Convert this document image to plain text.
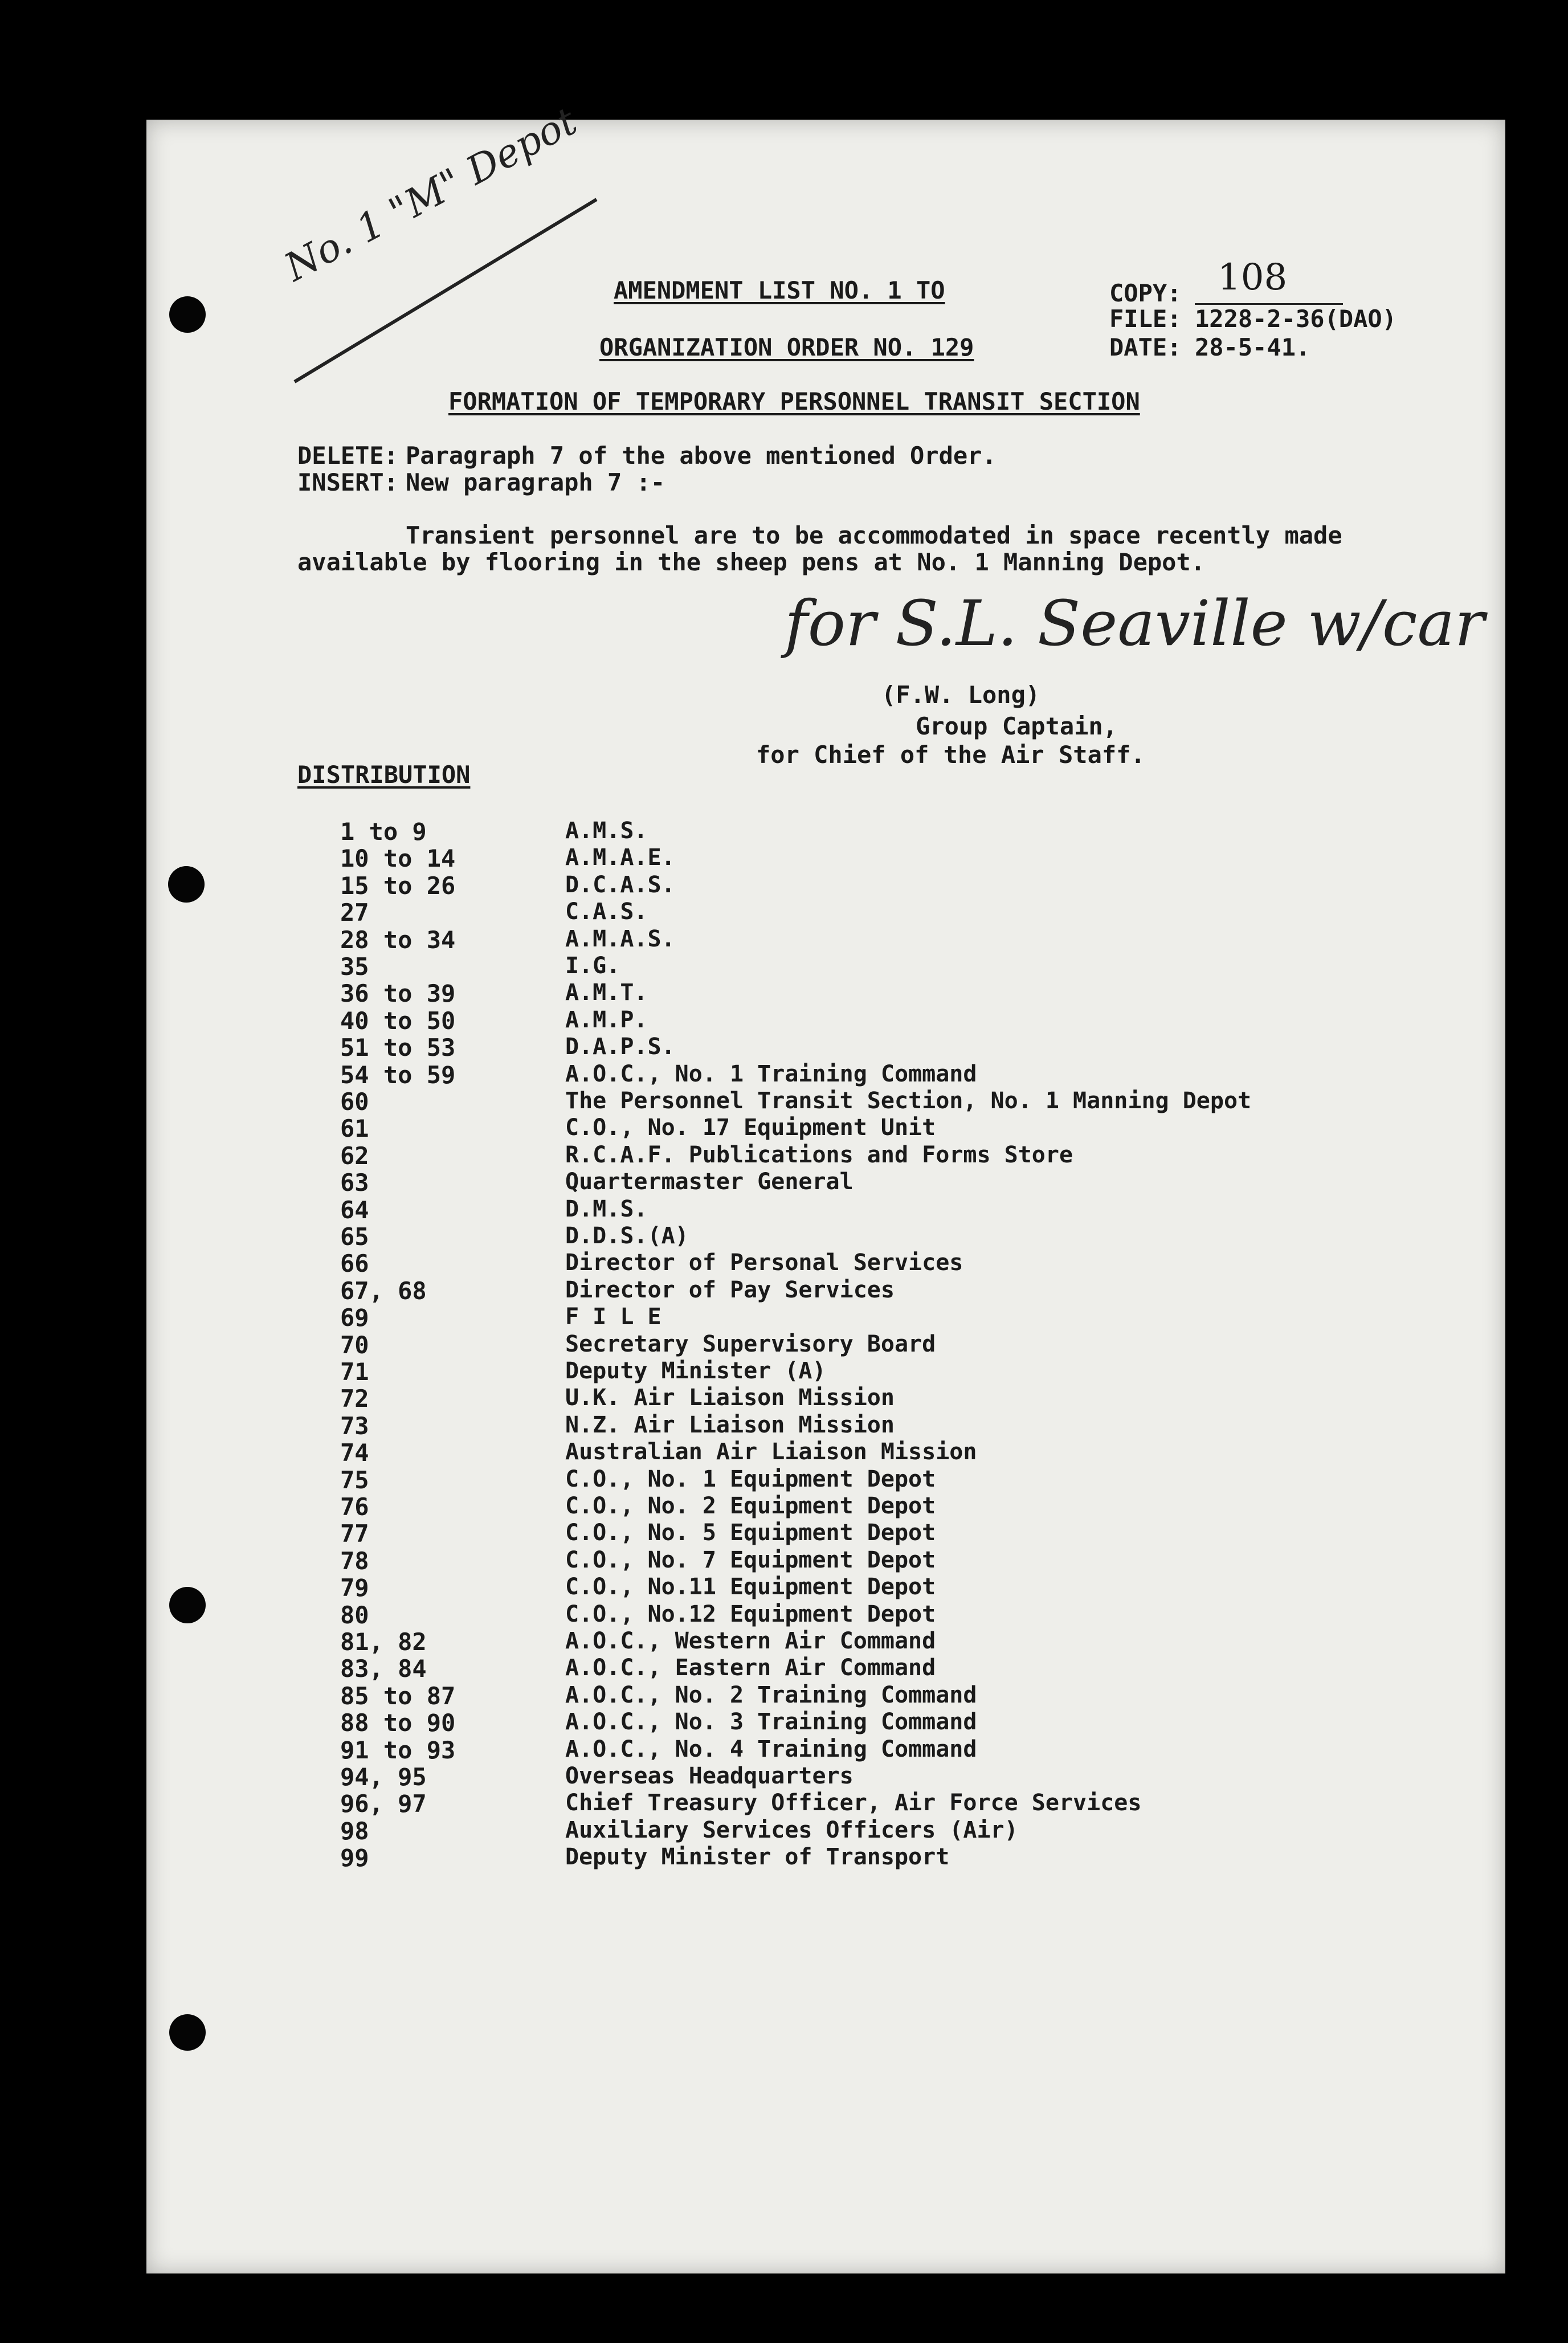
No. 1 "M" Depot AMENDMENT LIST NO. 1 TO
ORGANIZATION ORDER NO. 129
COPY: 108
FILE: 1228-2-36(DAO)
DATE: 28-5-41.
FORMATION OF TEMPORARY PERSONNEL TRANSIT SECTION
DELETE: Paragraph 7 of the above mentioned Order.
INSERT: New paragraph 7 :-
Transient personnel are to be accommodated in space recently made
available by flooring in the sheep pens at No. 1 Manning Depot.
for S.L. Seaville w/car
(F.W. Long)
Group Captain,
for Chief of the Air Staff.
DISTRIBUTION
1 to 9	A.M.S.
10 to 14	A.M.A.E.
15 to 26	D.C.A.S.
27	C.A.S.
28 to 34	A.M.A.S.
35	I.G.
36 to 39	A.M.T.
40 to 50	A.M.P.
51 to 53	D.A.P.S.
54 to 59	A.O.C., No. 1 Training Command
60	The Personnel Transit Section, No. 1 Manning Depot
61	C.O., No. 17 Equipment Unit
62	R.C.A.F. Publications and Forms Store
63	Quartermaster General
64	D.M.S.
65	D.D.S.(A)
66	Director of Personal Services
67, 68	Director of Pay Services
69	F I L E
70	Secretary Supervisory Board
71	Deputy Minister (A)
72	U.K. Air Liaison Mission
73	N.Z. Air Liaison Mission
74	Australian Air Liaison Mission
75	C.O., No. 1 Equipment Depot
76	C.O., No. 2 Equipment Depot
77	C.O., No. 5 Equipment Depot
78	C.O., No. 7 Equipment Depot
79	C.O., No.11 Equipment Depot
80	C.O., No.12 Equipment Depot
81, 82	A.O.C., Western Air Command
83, 84	A.O.C., Eastern Air Command
85 to 87	A.O.C., No. 2 Training Command
88 to 90	A.O.C., No. 3 Training Command
91 to 93	A.O.C., No. 4 Training Command
94, 95	Overseas Headquarters
96, 97	Chief Treasury Officer, Air Force Services
98	Auxiliary Services Officers (Air)
99	Deputy Minister of Transport
